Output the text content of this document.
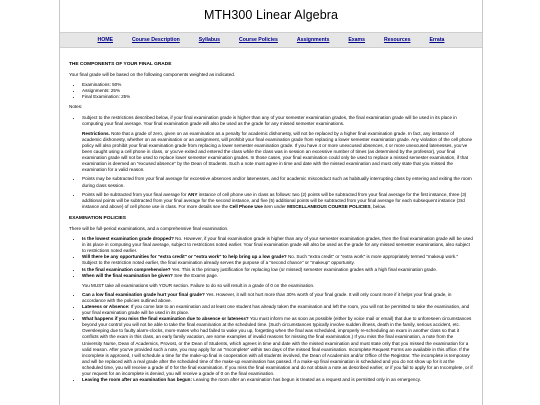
MTH300 Linear Algebra
HOME	Course Description	Syllabus	Course Policies	Assignments	Exams	Resources	Errata
THE COMPONENTS OF YOUR FINAL GRADE

Your final grade will be based on the following components weighted as indicated.

• Examinations: 50%
• Assignments: 25%
• Final Examination: 25%

Notes:

• Subject to the restrictions described below, if your final examination grade is higher than any of your semester examination grades, the final examination grade will be used in its place in computing your final average. Your final examination grade will also be used as the grade for any missed semester examinations.
Restrictions. Note that a grade of zero, given on an examination as a penalty for academic dishonesty, will not be replaced by a higher final examination grade. In fact, any instance of academic dishonesty, whether on an examination or an assignment, will prohibit your final examination grade from replacing a lower semester examination grade. Any violation of the cell phone policy will also prohibit your final examination grade from replacing a lower semester examination grade. If you have 4 or more unexcused absences, 4 or more unexcused latenesses, you’ve been caught using a cell phone in class, or you’ve exited and entered the class while the class was in session an excessive number of times (as determined by the professor), your final examination grade will not be used to replace lower semester examination grades. In those cases, your final examination could only be used to replace a missed semester examination, if that examination is deemed an "excused absence" by the Dean of Students. Such a note must agree in time and date with the missed examination and must only state that you missed the examination for a valid reason.
• Points may be subtracted from your final average for excessive absences and/or latenesses, and for academic misconduct such as habitually interrupting class by entering and exiting the room during class session.
• Points will be subtracted from your final average for ANY instance of cell phone use in class as follows: two (2) points will be subtracted from your final average for the first instance, three (3) additional points will be subtracted from your final average for the second instance, and five (5) additional points will be subtracted from your final average for each subsequent instance (3rd instance and above) of cell phone use in class. For more details see the Cell Phone Use item under MISCELLANEOUS COURSE POLICIES, below.
EXAMINATION POLICIES

There will be full-period examinations, and a comprehensive final examination.

• Is the lowest examination grade dropped? No. However, if your final examination grade is higher than any of your semester examination grades, then the final examination grade will be used in its place in computing your final average, subject to restrictions noted earlier. Your final examination grade will also be used as the grade for any missed semester examinations, also subject to restrictions noted earlier.
• Will there be any opportunities for "extra credit" or "extra work" to help bring up a low grade? No. Such "extra credit" or "extra work" is more appropriately termed "makeup work." Subject to the restriction noted earlier, the final examination already serves the purpose of a "second chance" or "makeup" opportunity.
• Is the final examination comprehensive? Yes. This is the primary justification for replacing low (or missed) semester examination grades with a high final examination grade.
• When will the final examination be given? See the Exams page.
You MUST take all examinations with YOUR section. Failure to do so will result in a grade of 0 on the examination.
• Can a low final examination grade hurt your final grade? Yes. However, it will not hurt more than 30% worth of your final grade. It will only count more if it helps your final grade, in accordance with the policies outlined above.
• Lateness or Absence: If you come late to an examination and at least one student has already taken the examination and left the room, you will not be permitted to take the examination, and your final examination grade will be used in its place.
• What happens if you miss the final examination due to absence or lateness? You must inform me as soon as possible (either by voice mail or email) that due to unforeseen circumstances beyond your control you will not be able to take the final examination at the scheduled time. (Such circumstances typically involve sudden illness, death in the family, serious accident, etc. Oversleeping due to faulty alarm-clocks, mom-mates who had failed to wake you up, forgetting when the final was scheduled, improperly re-scheduling an exam in another class so that it conflicts with the exam in this class, an early family vacation, are some examples of invalid reasons for missing the final examination.) If you miss the final examination, a note from the University Nurse, Dean of Academics, Provost, or the Dean of Students, which agrees in time and date with the missed examination and must state only that you missed the examination for a valid reason. After you've provided such a note, you may apply for an "Incomplete" within two days of the missed final examination. Incomplete Request Forms are available in this office. If the incomplete is approved, I will schedule a time for the make-up final in cooperation with all students involved, the Dean of Academics and/or Office of the Registrar. The incomplete is temporary and will be replaced with a real grade after the scheduled time of the make-up examination has passed. If a make-up final examination is scheduled and you do not show up for it at the scheduled time, you will receive a grade of 0 for the final examination. If you miss the final examination and do not obtain a note as described earlier, or if you fail to apply for an Incomplete, or if your request for an incomplete is denied, you will receive a grade of 0 on the final examination.
• Leaving the room after an examination has begun: Leaving the room after an examination has begun is treated as a request and is permitted only in an emergency.
